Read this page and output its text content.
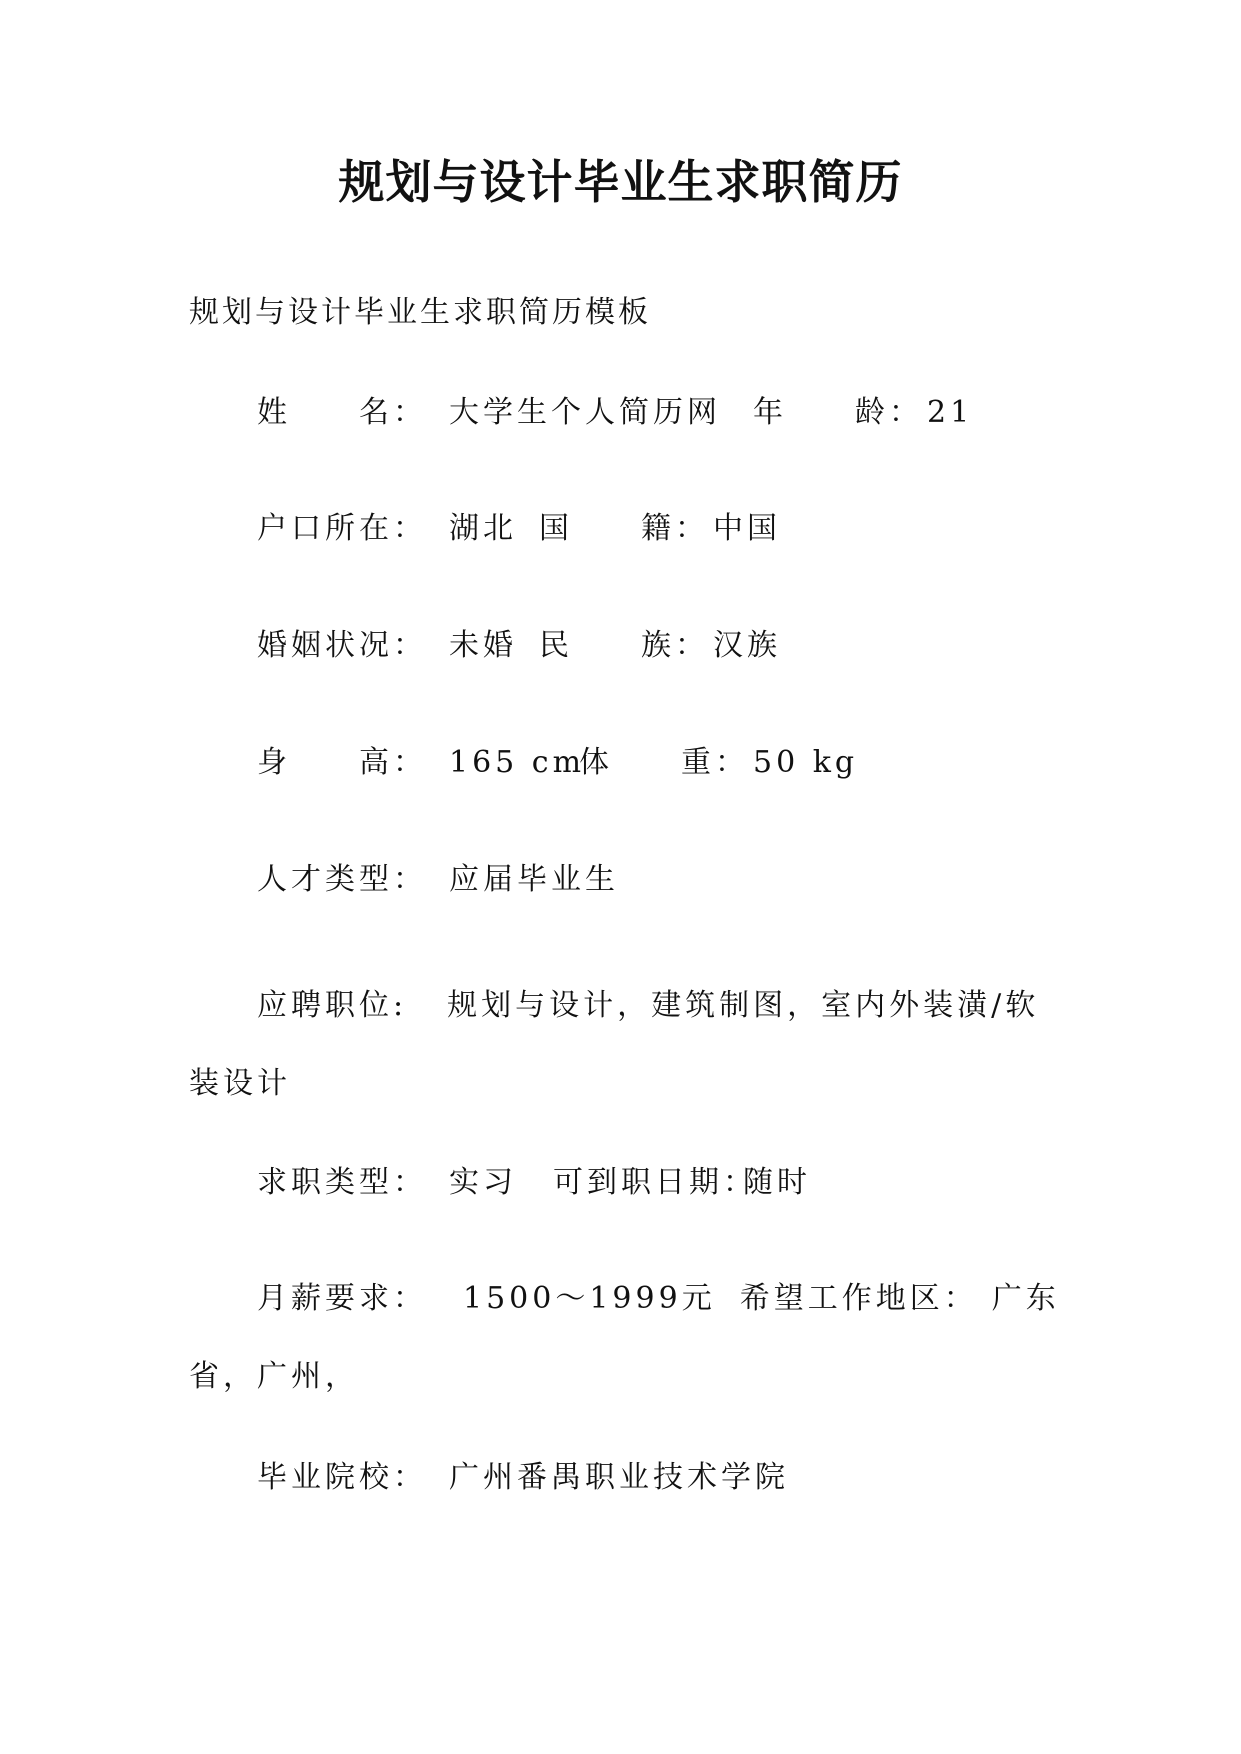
规划与设计毕业生求职简历
规划与设计毕业生求职简历模板
姓　　名： 大学生个人简历网 年　　龄： 21
户口所在： 湖北 国　　籍： 中国
婚姻状况： 未婚 民　　族： 汉族
身　　高： 165 cm
体　　重： 50 kg
人才类型： 应届毕业生
应聘职位: 规划与设计，建筑制图，室内外装潢/软装设计
求职类型： 实习 可到职日期：
随时
月薪要求： 1500～1999元 希望工作地区： 广东省，广州，
毕业院校： 广州番禺职业技术学院
